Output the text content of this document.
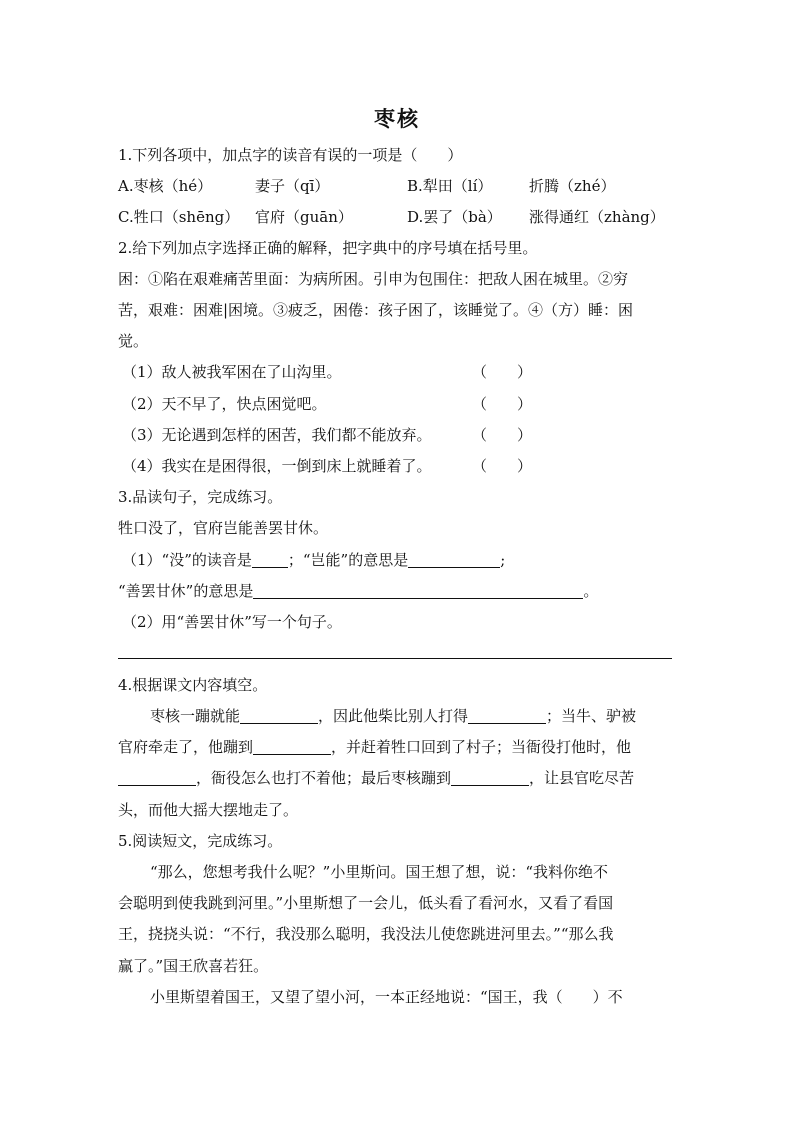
枣核
1.下列各项中，加点字的读音有误的一项是（　　）
A.枣核（hé）	妻子（qī）	B.犁田（lí） 折腾（zhé）
C.牲口（shēng） 官府（guān）	D.罢了（bà） 涨得通红（zhàng）
2.给下列加点字选择正确的解释，把字典中的序号填在括号里。
困：①陷在艰难痛苦里面：为病所困。引申为包围住：把敌人困在城里。②穷
苦，艰难：困难|困境。③疲乏，困倦：孩子困了，该睡觉了。④（方）睡：困
觉。
（1）敌人被我军困在了山沟里。	（　　）
（2）天不早了，快点困觉吧。	（　　）
（3）无论遇到怎样的困苦，我们都不能放弃。	（　　）
（4）我实在是困得很，一倒到床上就睡着了。	（　　）
3.品读句子，完成练习。
牲口没了，官府岂能善罢甘休。
（1）“没”的读音是 ；“岂能”的意思是	;
“善罢甘休”的意思是	。
（2）用“善罢甘休”写一个句子。
4.根据课文内容填空。
枣核一蹦就能	，因此他柴比别人打得	；当牛、驴被
官府牵走了，他蹦到	，并赶着牲口回到了村子；当衙役打他时，他
，衙役怎么也打不着他；最后枣核蹦到	，让县官吃尽苦
头，而他大摇大摆地走了。
5.阅读短文，完成练习。
“那么，您想考我什么呢？”小里斯问。国王想了想，说：“我料你绝不
会聪明到使我跳到河里。”小里斯想了一会儿，低头看了看河水，又看了看国
王，挠挠头说：“不行，我没那么聪明，我没法儿使您跳进河里去。”“那么我
赢了。”国王欣喜若狂。
小里斯望着国王，又望了望小河，一本正经地说：“国王，我（　　）不
